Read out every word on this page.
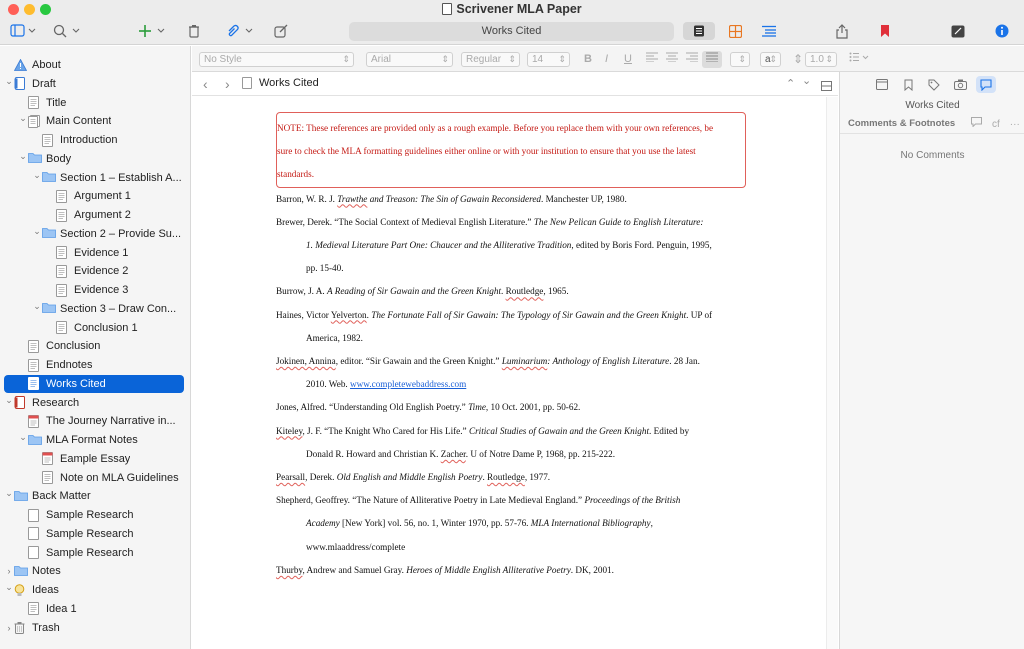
Scrivener MLA Paper
Works Cited
About
⌄ Draft
Title
⌄ Main Content
Introduction
⌄ Body
⌄ Section 1 – Establish A...
Argument 1
Argument 2
⌄ Section 2 – Provide Su...
Evidence 1
Evidence 2
Evidence 3
⌄ Section 3 – Draw Con...
Conclusion 1
Conclusion
Endnotes
Works Cited
⌄ Research
The Journey Narrative in...
⌄ MLA Format Notes
Eample Essay
Note on MLA Guidelines
⌄ Back Matter
Sample Research
Sample Research
Sample Research
›	Notes
⌄ Ideas
Idea 1
›	Trash
No Style ⇕	Arial ⇕	Regular ⇕	14 ⇕	B I U ⇕	a ⇕	⇕ 1.0 ⇕
‹ ›	Works Cited	⌃ ⌄
NOTE: These references are provided only as a rough example. Before you replace them with your own references, be
sure to check the MLA formatting guidelines either online or with your institution to ensure that you use the latest
standards.
Barron, W. R. J. Trawthe and Treason: The Sin of Gawain Reconsidered. Manchester UP, 1980.
Brewer, Derek. “The Social Context of Medieval English Literature.” The New Pelican Guide to English Literature:
1. Medieval Literature Part One: Chaucer and the Alliterative Tradition, edited by Boris Ford. Penguin, 1995,
pp. 15-40.
Burrow, J. A. A Reading of Sir Gawain and the Green Knight. Routledge, 1965.
Haines, Victor Yelverton. The Fortunate Fall of Sir Gawain: The Typology of Sir Gawain and the Green Knight. UP of
America, 1982.
Jokinen, Annina, editor. “Sir Gawain and the Green Knight.” Luminarium: Anthology of English Literature. 28 Jan.
2010. Web. www.completewebaddress.com
Jones, Alfred. “Understanding Old English Poetry.” Time, 10 Oct. 2001, pp. 50-62.
Kiteley, J. F. “The Knight Who Cared for His Life.” Critical Studies of Gawain and the Green Knight. Edited by
Donald R. Howard and Christian K. Zacher. U of Notre Dame P, 1968, pp. 215-222.
Pearsall, Derek. Old English and Middle English Poetry. Routledge, 1977.
Shepherd, Geoffrey. “The Nature of Alliterative Poetry in Late Medieval England.” Proceedings of the British
Academy [New York] vol. 56, no. 1, Winter 1970, pp. 57-76. MLA International Bibliography,
www.mlaaddress/complete
Thurby, Andrew and Samuel Gray. Heroes of Middle English Alliterative Poetry. DK, 2001.
Works Cited
Comments & Footnotes	cf ···
No Comments
